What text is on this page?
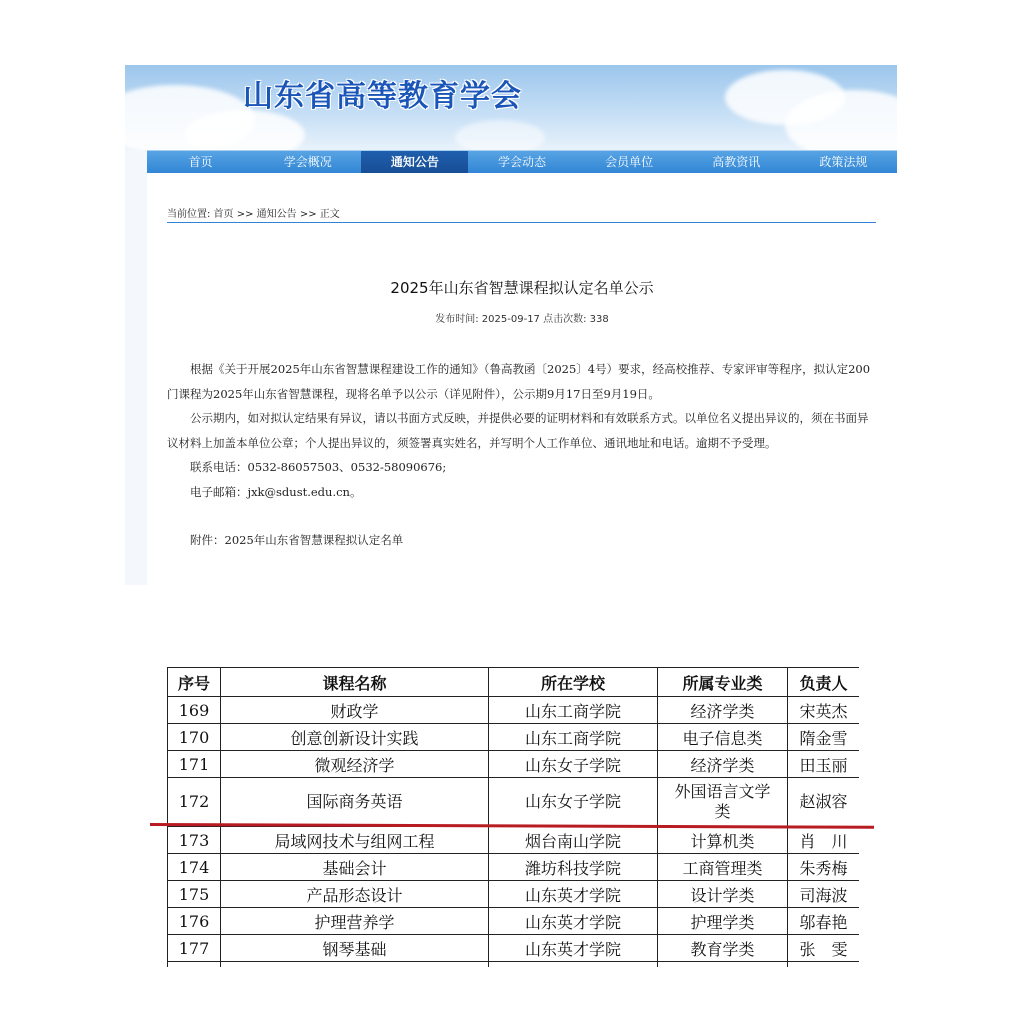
山东省高等教育学会
首页	学会概况	通知公告	学会动态	会员单位	高教资讯	政策法规
当前位置: 首页 >> 通知公告 >> 正文
2025年山东省智慧课程拟认定名单公示
发布时间: 2025-09-17 点击次数: 338

根据《关于开展2025年山东省智慧课程建设工作的通知》（鲁高教函〔2025〕4号）要求，经高校推荐、专家评审等程序，拟认定200门课程为2025年山东省智慧课程，现将名单予以公示（详见附件），公示期9月17日至9月19日。

公示期内，如对拟认定结果有异议，请以书面方式反映，并提供必要的证明材料和有效联系方式。以单位名义提出异议的，须在书面异议材料上加盖本单位公章；个人提出异议的，须签署真实姓名，并写明个人工作单位、通讯地址和电话。逾期不予受理。

联系电话：0532-86057503、0532-58090676;

电子邮箱：jxk@sdust.edu.cn。

附件：2025年山东省智慧课程拟认定名单

序号	课程名称	所在学校	所属专业类	负责人
169	财政学	山东工商学院	经济学类	宋英杰
170	创意创新设计实践	山东工商学院	电子信息类	隋金雪
171	微观经济学	山东女子学院	经济学类	田玉丽
172	国际商务英语	山东女子学院	外国语言文学类	赵淑容
173	局域网技术与组网工程	烟台南山学院	计算机类	肖　川
174	基础会计	潍坊科技学院	工商管理类	朱秀梅
175	产品形态设计	山东英才学院	设计学类	司海波
176	护理营养学	山东英才学院	护理学类	邬春艳
177	钢琴基础	山东英才学院	教育学类	张　雯
